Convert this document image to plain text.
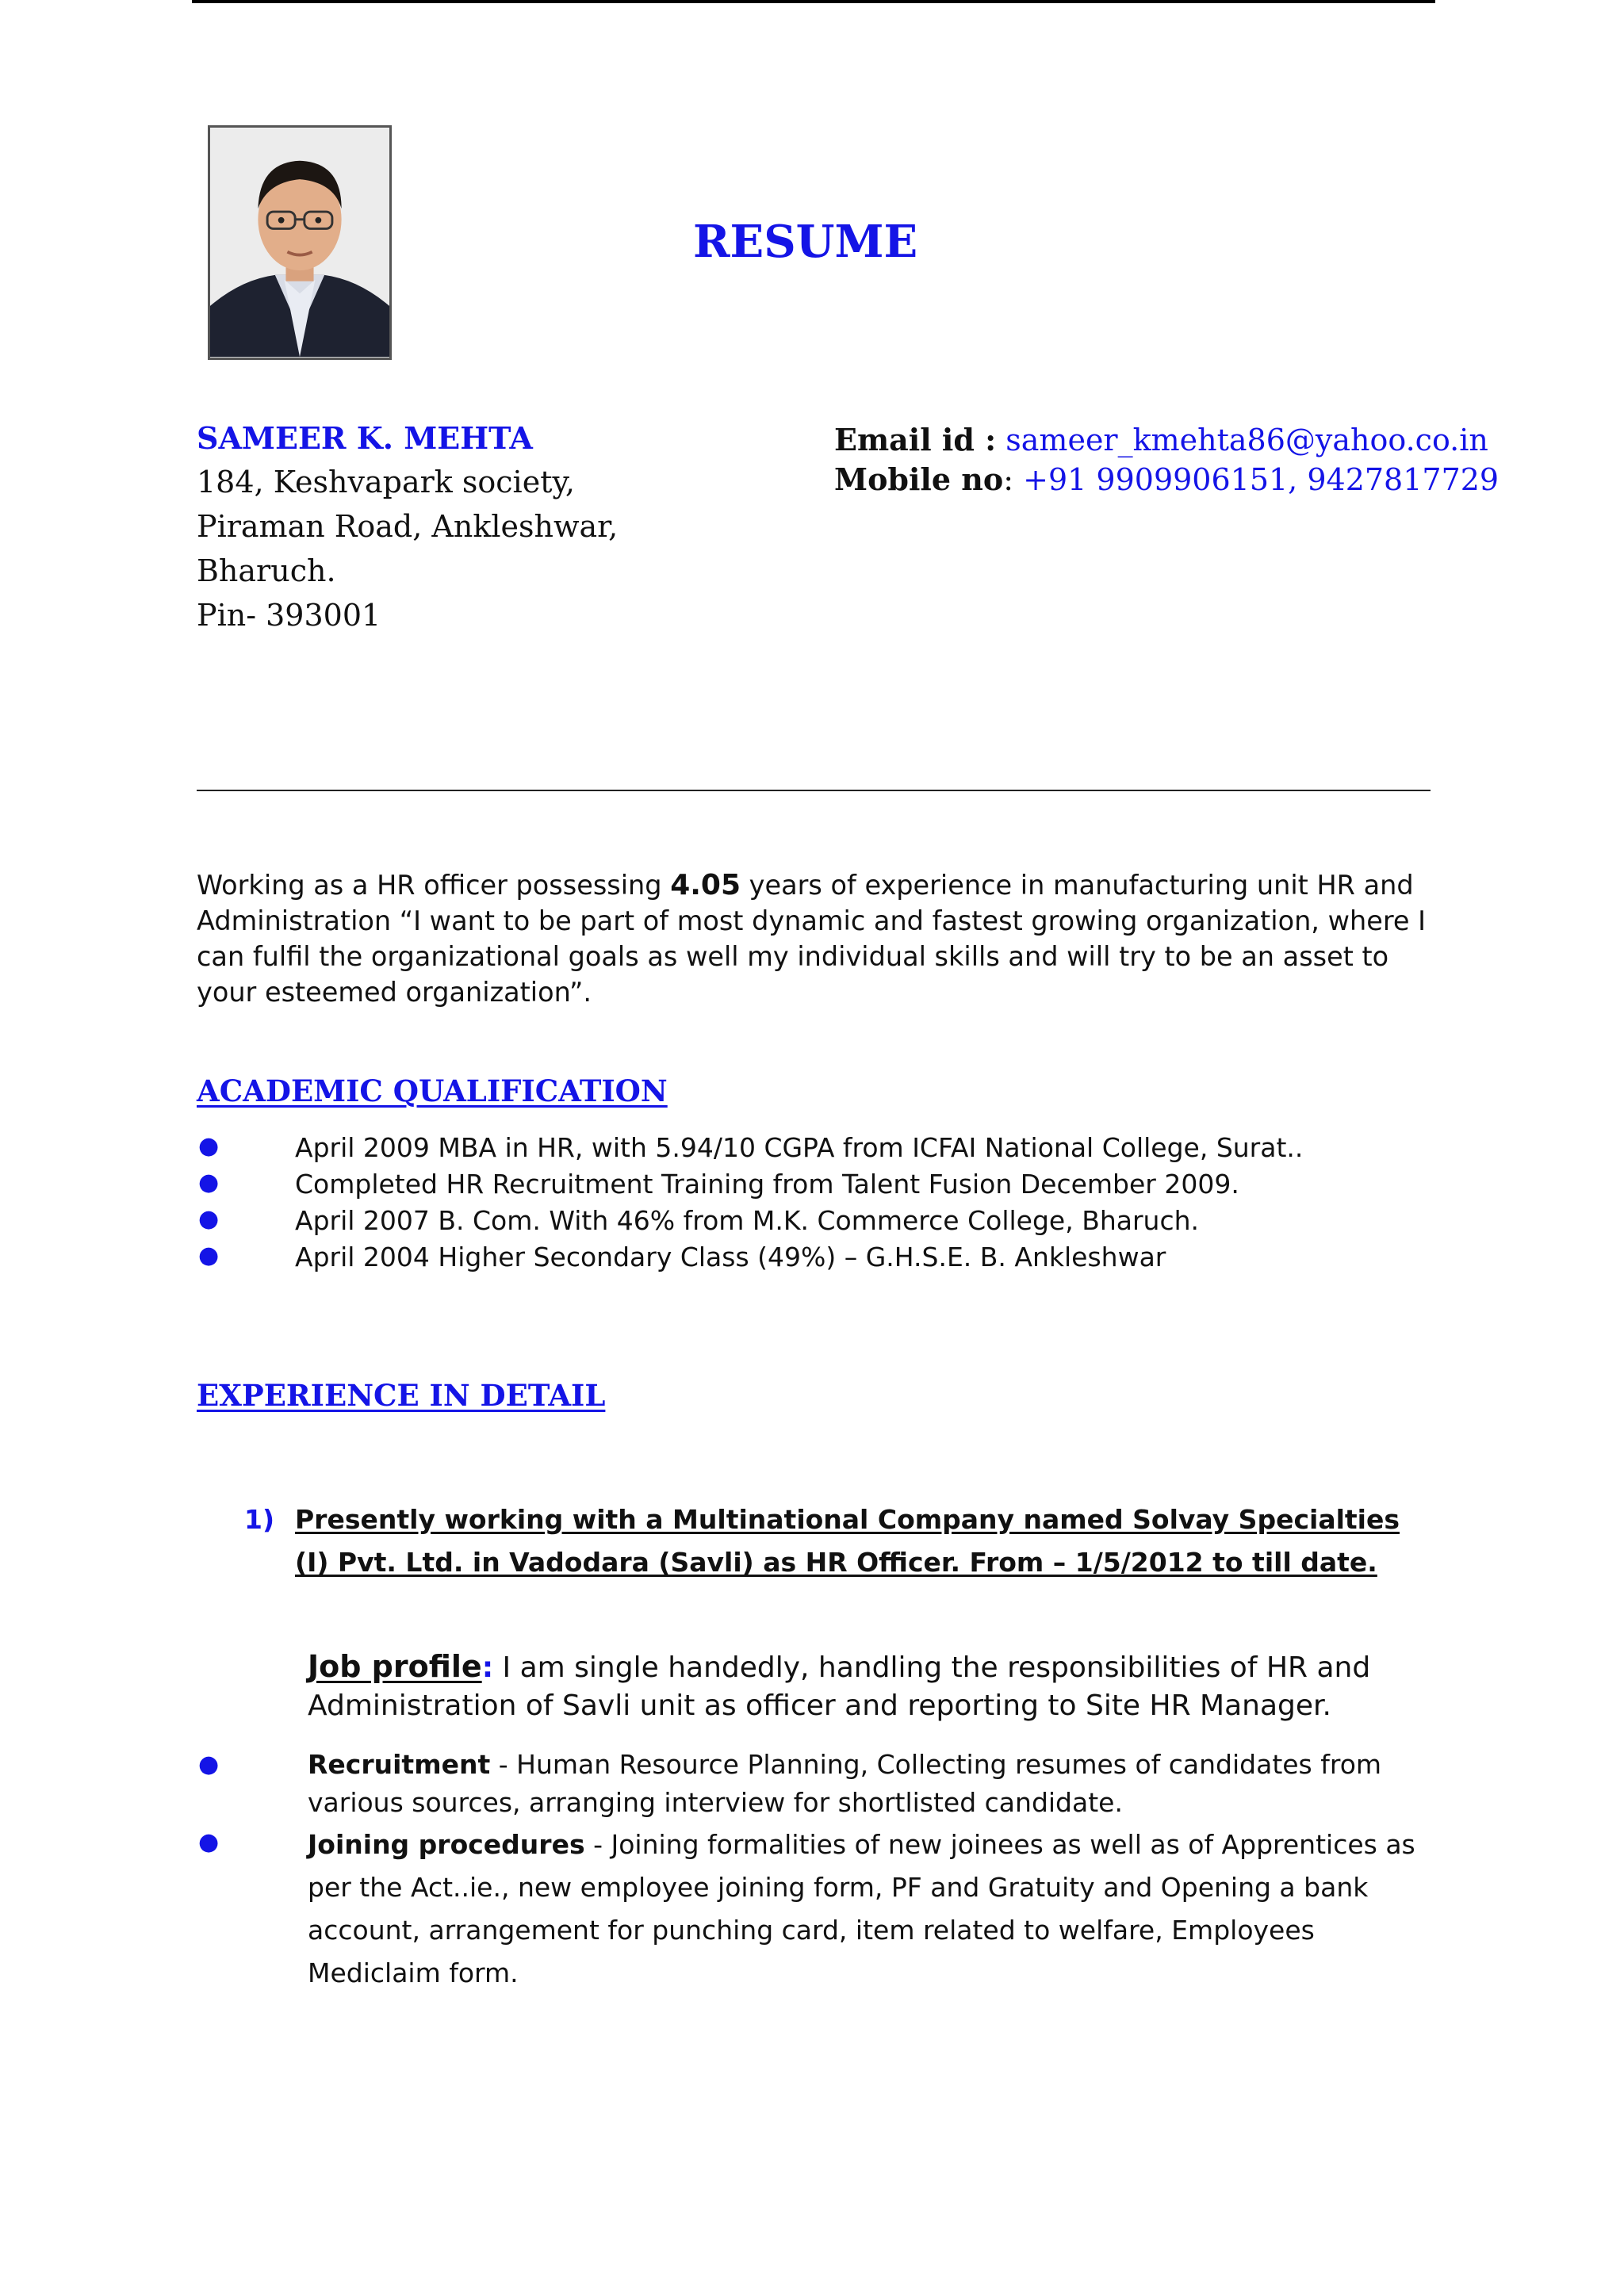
RESUME
SAMEER K. MEHTA
184, Keshvapark society,
Piraman Road, Ankleshwar,
Bharuch.
Pin- 393001
Email id : sameer_kmehta86@yahoo.co.in
Mobile no: +91 9909906151, 9427817729
Working as a HR officer possessing 4.05 years of experience in manufacturing unit HR and Administration “I want to be part of most dynamic and fastest growing organization, where I can fulfil the organizational goals as well my individual skills and will try to be an asset to your esteemed organization”.
ACADEMIC QUALIFICATION
●	April 2009 MBA in HR, with 5.94/10 CGPA from ICFAI National College, Surat..
●	Completed HR Recruitment Training from Talent Fusion December 2009.
●	April 2007 B. Com. With 46% from M.K. Commerce College, Bharuch.
●	April 2004 Higher Secondary Class (49%) – G.H.S.E. B. Ankleshwar
EXPERIENCE IN DETAIL
1) Presently working with a Multinational Company named Solvay Specialties (I) Pvt. Ltd. in Vadodara (Savli) as HR Officer. From – 1/5/2012 to till date.
Job profile: I am single handedly, handling the responsibilities of HR and Administration of Savli unit as officer and reporting to Site HR Manager.
●	Recruitment - Human Resource Planning, Collecting resumes of candidates from various sources, arranging interview for shortlisted candidate.
●	Joining procedures - Joining formalities of new joinees as well as of Apprentices as per the Act..ie., new employee joining form, PF and Gratuity and Opening a bank account, arrangement for punching card, item related to welfare, Employees Mediclaim form.
